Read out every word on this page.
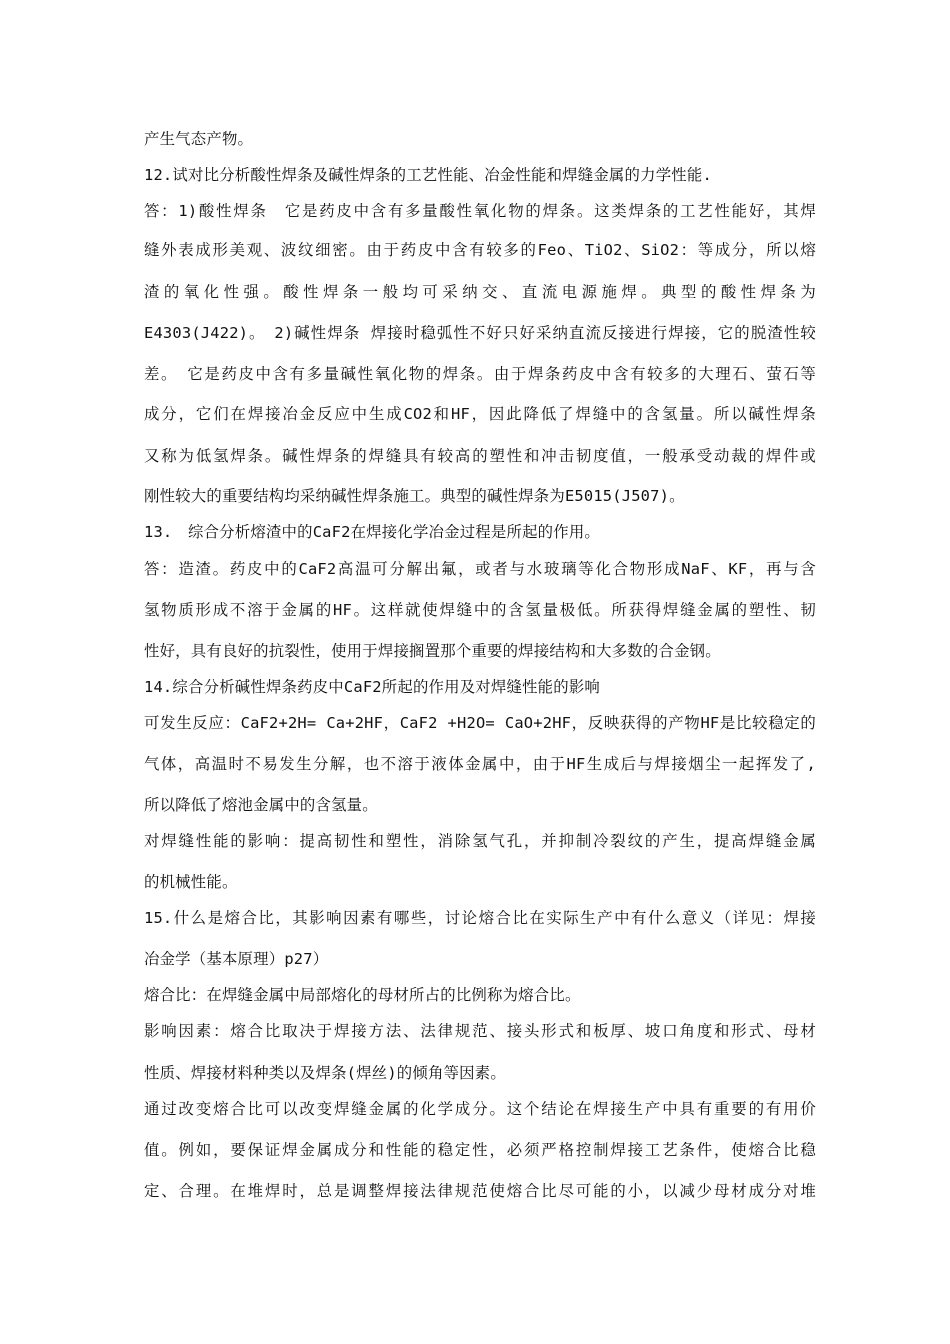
产生气态产物。
12.试对比分析酸性焊条及碱性焊条的工艺性能、冶金性能和焊缝金属的力学性能.
答：1)酸性焊条　它是药皮中含有多量酸性氧化物的焊条。这类焊条的工艺性能好，其焊
缝外表成形美观、波纹细密。由于药皮中含有较多的Feo、TiO2、SiO2：等成分，所以熔
渣的氧化性强。酸性焊条一般均可采纳交、直流电源施焊。典型的酸性焊条为
E4303(J422)。　2)碱性焊条 焊接时稳弧性不好只好采纳直流反接进行焊接，它的脱渣性较
差。　它是药皮中含有多量碱性氧化物的焊条。由于焊条药皮中含有较多的大理石、萤石等
成分，它们在焊接冶金反应中生成CO2和HF，因此降低了焊缝中的含氢量。所以碱性焊条
又称为低氢焊条。碱性焊条的焊缝具有较高的塑性和冲击韧度值，一般承受动裁的焊件或
刚性较大的重要结构均采纳碱性焊条施工。典型的碱性焊条为E5015(J507)。
13.　综合分析熔渣中的CaF2在焊接化学冶金过程是所起的作用。
答：造渣。药皮中的CaF2高温可分解出氟，或者与水玻璃等化合物形成NaF、KF，再与含
氢物质形成不溶于金属的HF。这样就使焊缝中的含氢量极低。所获得焊缝金属的塑性、韧
性好，具有良好的抗裂性，使用于焊接搁置那个重要的焊接结构和大多数的合金钢。
14.综合分析碱性焊条药皮中CaF2所起的作用及对焊缝性能的影响
可发生反应：CaF2+2H= Ca+2HF，CaF2 +H2O= CaO+2HF，反映获得的产物HF是比较稳定的
气体，高温时不易发生分解，也不溶于液体金属中，由于HF生成后与焊接烟尘一起挥发了,
所以降低了熔池金属中的含氢量。
对焊缝性能的影响：提高韧性和塑性，消除氢气孔，并抑制冷裂纹的产生，提高焊缝金属
的机械性能。
15.什么是熔合比，其影响因素有哪些，讨论熔合比在实际生产中有什么意义（详见：焊接
冶金学（基本原理）p27）
熔合比：在焊缝金属中局部熔化的母材所占的比例称为熔合比。
影响因素：熔合比取决于焊接方法、法律规范、接头形式和板厚、坡口角度和形式、母材
性质、焊接材料种类以及焊条(焊丝)的倾角等因素。
通过改变熔合比可以改变焊缝金属的化学成分。这个结论在焊接生产中具有重要的有用价
值。例如，要保证焊金属成分和性能的稳定性，必须严格控制焊接工艺条件，使熔合比稳
定、合理。在堆焊时，总是调整焊接法律规范使熔合比尽可能的小，以减少母材成分对堆
